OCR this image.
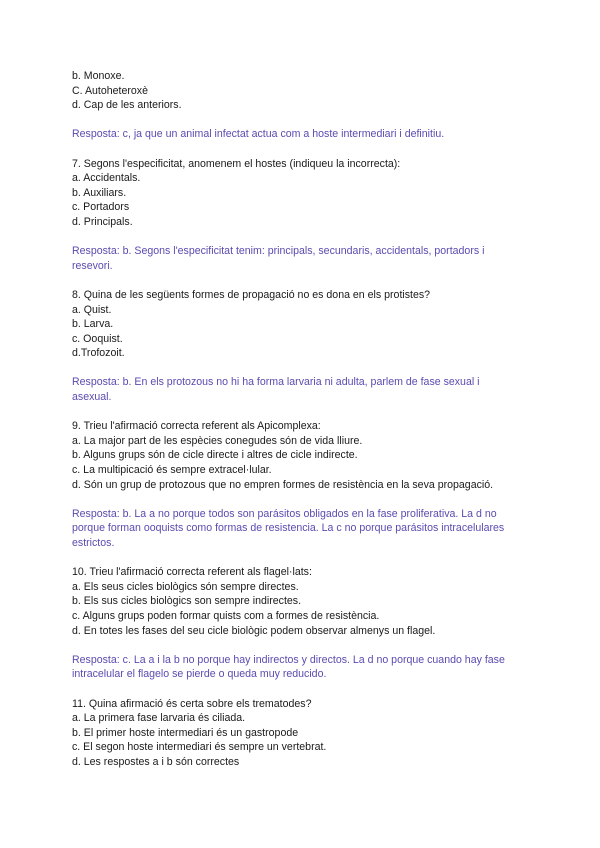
b. Monoxe.
C. Autoheteroxè
d. Cap de les anteriors.
Resposta: c, ja que un animal infectat actua com a hoste intermediari i definitiu.
7. Segons l'especificitat, anomenem el hostes (indiqueu la incorrecta):
a. Accidentals.
b. Auxiliars.
c. Portadors
d. Principals.
Resposta: b. Segons l'especificitat tenim: principals, secundaris, accidentals, portadors i
resevori.
8. Quina de les següents formes de propagació no es dona en els protistes?
a. Quist.
b. Larva.
c. Ooquist.
d.Trofozoit.
Resposta: b. En els protozous no hi ha forma larvaria ni adulta, parlem de fase sexual i
asexual.
9. Trieu l'afirmació correcta referent als Apicomplexa:
a. La major part de les espècies conegudes són de vida lliure.
b. Alguns grups són de cicle directe i altres de cicle indirecte.
c. La multipicació és sempre extracel·lular.
d. Són un grup de protozous que no empren formes de resistència en la seva propagació.
Resposta: b. La a no porque todos son parásitos obligados en la fase proliferativa. La d no
porque forman ooquists como formas de resistencia. La c no porque parásitos intracelulares
estrictos.
10. Trieu l'afirmació correcta referent als flagel·lats:
a. Els seus cicles biològics són sempre directes.
b. Els sus cicles biològics son sempre indirectes.
c. Alguns grups poden formar quists com a formes de resistència.
d. En totes les fases del seu cicle biològic podem observar almenys un flagel.
Resposta: c. La a i la b no porque hay indirectos y directos. La d no porque cuando hay fase
intracelular el flagelo se pierde o queda muy reducido.
11. Quina afirmació és certa sobre els trematodes?
a. La primera fase larvaria és ciliada.
b. El primer hoste intermediari és un gastropode
c. El segon hoste intermediari és sempre un vertebrat.
d. Les respostes a i b són correctes
